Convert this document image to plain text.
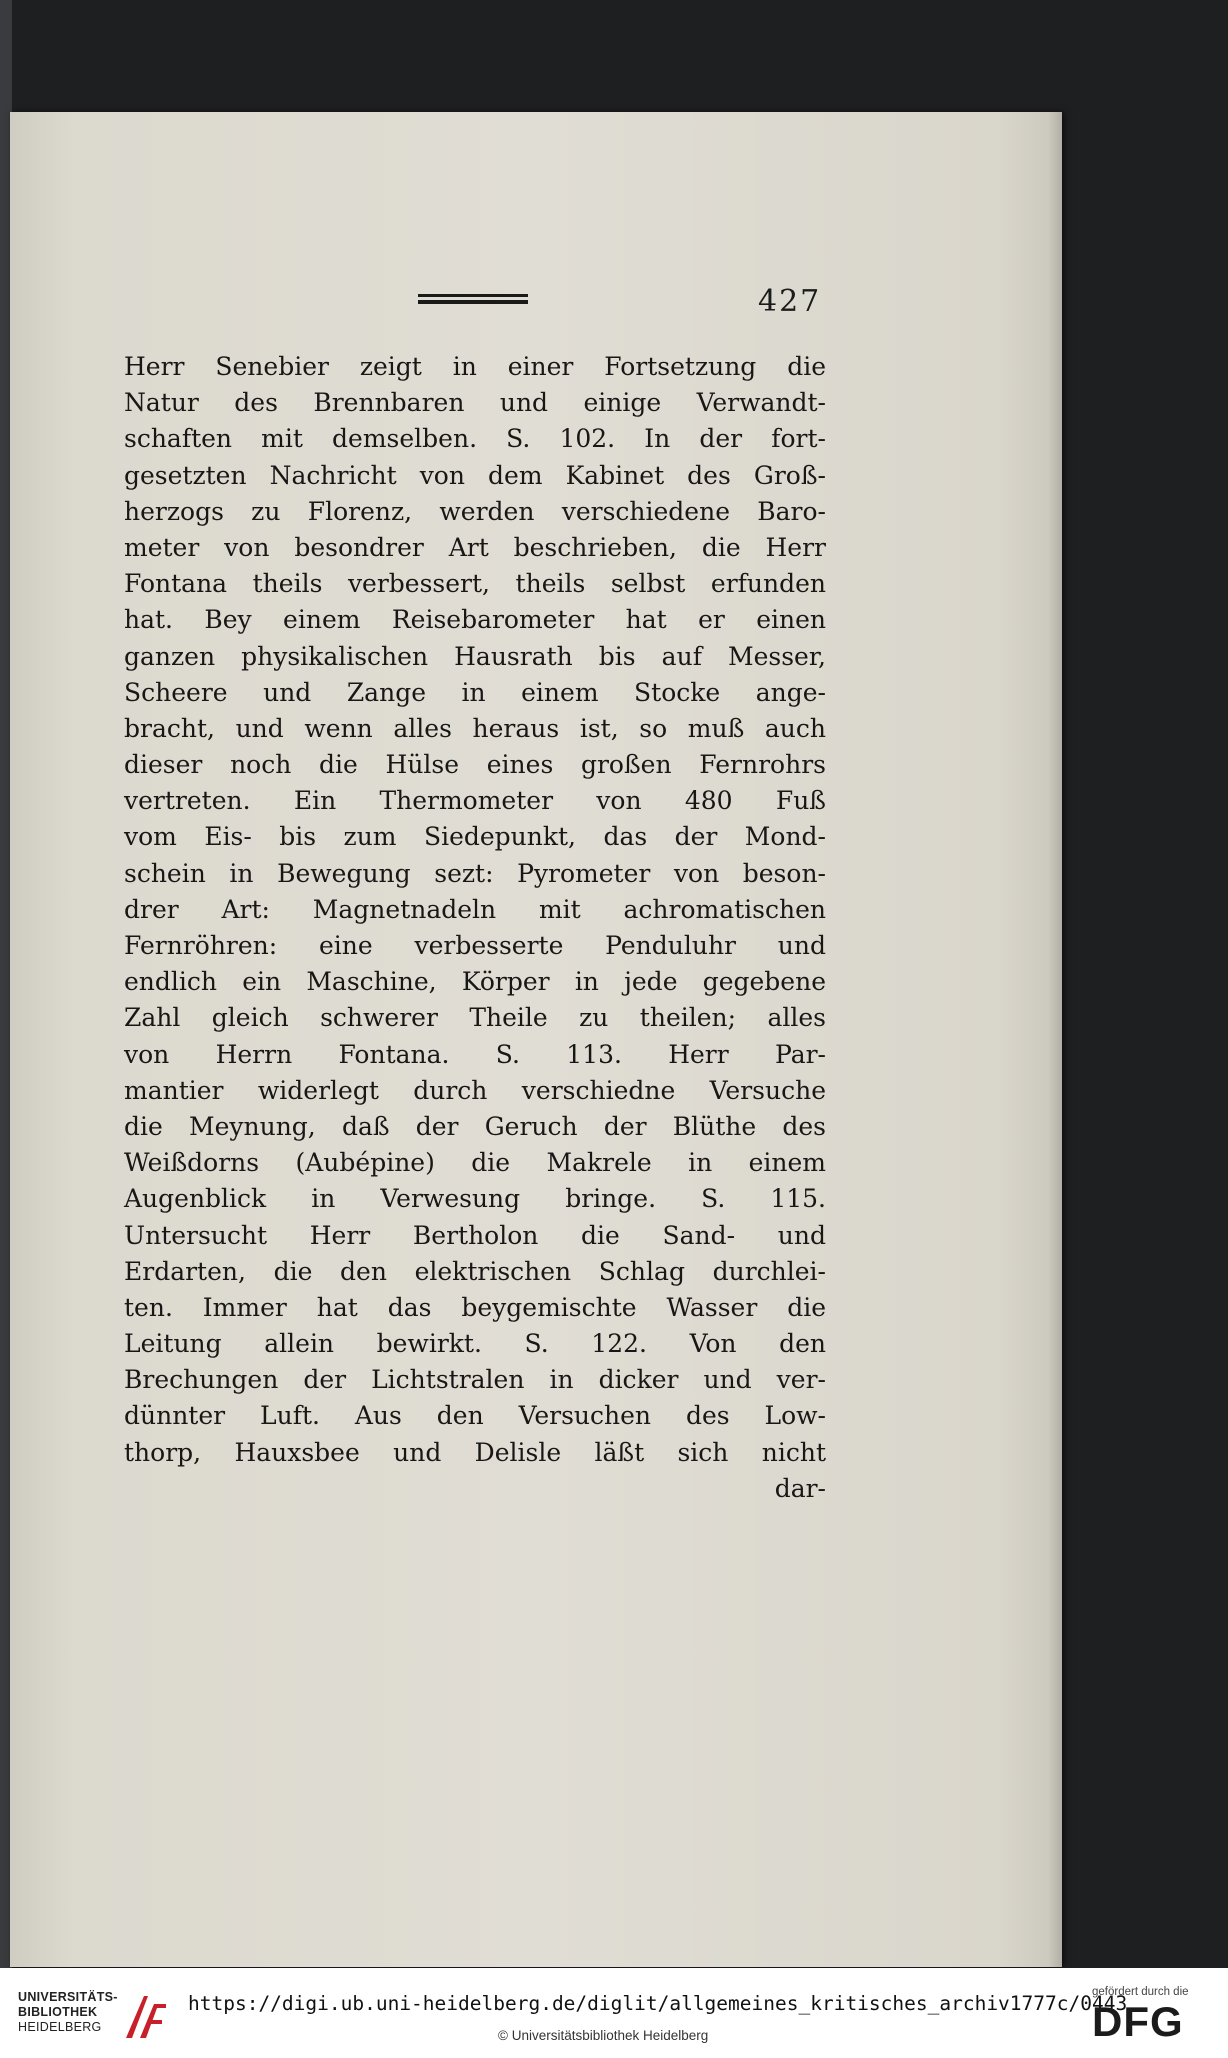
427
Herr Senebier zeigt in einer Fortsetzung die
Natur des Brennbaren und einige Verwandt-
schaften mit demselben. S. 102. In der fort-
gesetzten Nachricht von dem Kabinet des Groß-
herzogs zu Florenz, werden verschiedene Baro-
meter von besondrer Art beschrieben, die Herr
Fontana theils verbessert, theils selbst erfunden
hat. Bey einem Reisebarometer hat er einen
ganzen physikalischen Hausrath bis auf Messer,
Scheere und Zange in einem Stocke ange-
bracht, und wenn alles heraus ist, so muß auch
dieser noch die Hülse eines großen Fernrohrs
vertreten. Ein Thermometer von 480 Fuß
vom Eis- bis zum Siedepunkt, das der Mond-
schein in Bewegung sezt: Pyrometer von beson-
drer Art: Magnetnadeln mit achromatischen
Fernröhren: eine verbesserte Penduluhr und
endlich ein Maschine, Körper in jede gegebene
Zahl gleich schwerer Theile zu theilen; alles
von Herrn Fontana. S. 113. Herr Par-
mantier widerlegt durch verschiedne Versuche
die Meynung, daß der Geruch der Blüthe des
Weißdorns (Aubépine) die Makrele in einem
Augenblick in Verwesung bringe. S. 115.
Untersucht Herr Bertholon die Sand- und
Erdarten, die den elektrischen Schlag durchlei-
ten. Immer hat das beygemischte Wasser die
Leitung allein bewirkt. S. 122. Von den
Brechungen der Lichtstralen in dicker und ver-
dünnter Luft. Aus den Versuchen des Low-
thorp, Hauxsbee und Delisle läßt sich nicht
dar-
UNIVERSITÄTS-
BIBLIOTHEK
HEIDELBERG
https://digi.ub.uni-heidelberg.de/diglit/allgemeines_kritisches_archiv1777c/0443
© Universitätsbibliothek Heidelberg
gefördert durch die
DFG
